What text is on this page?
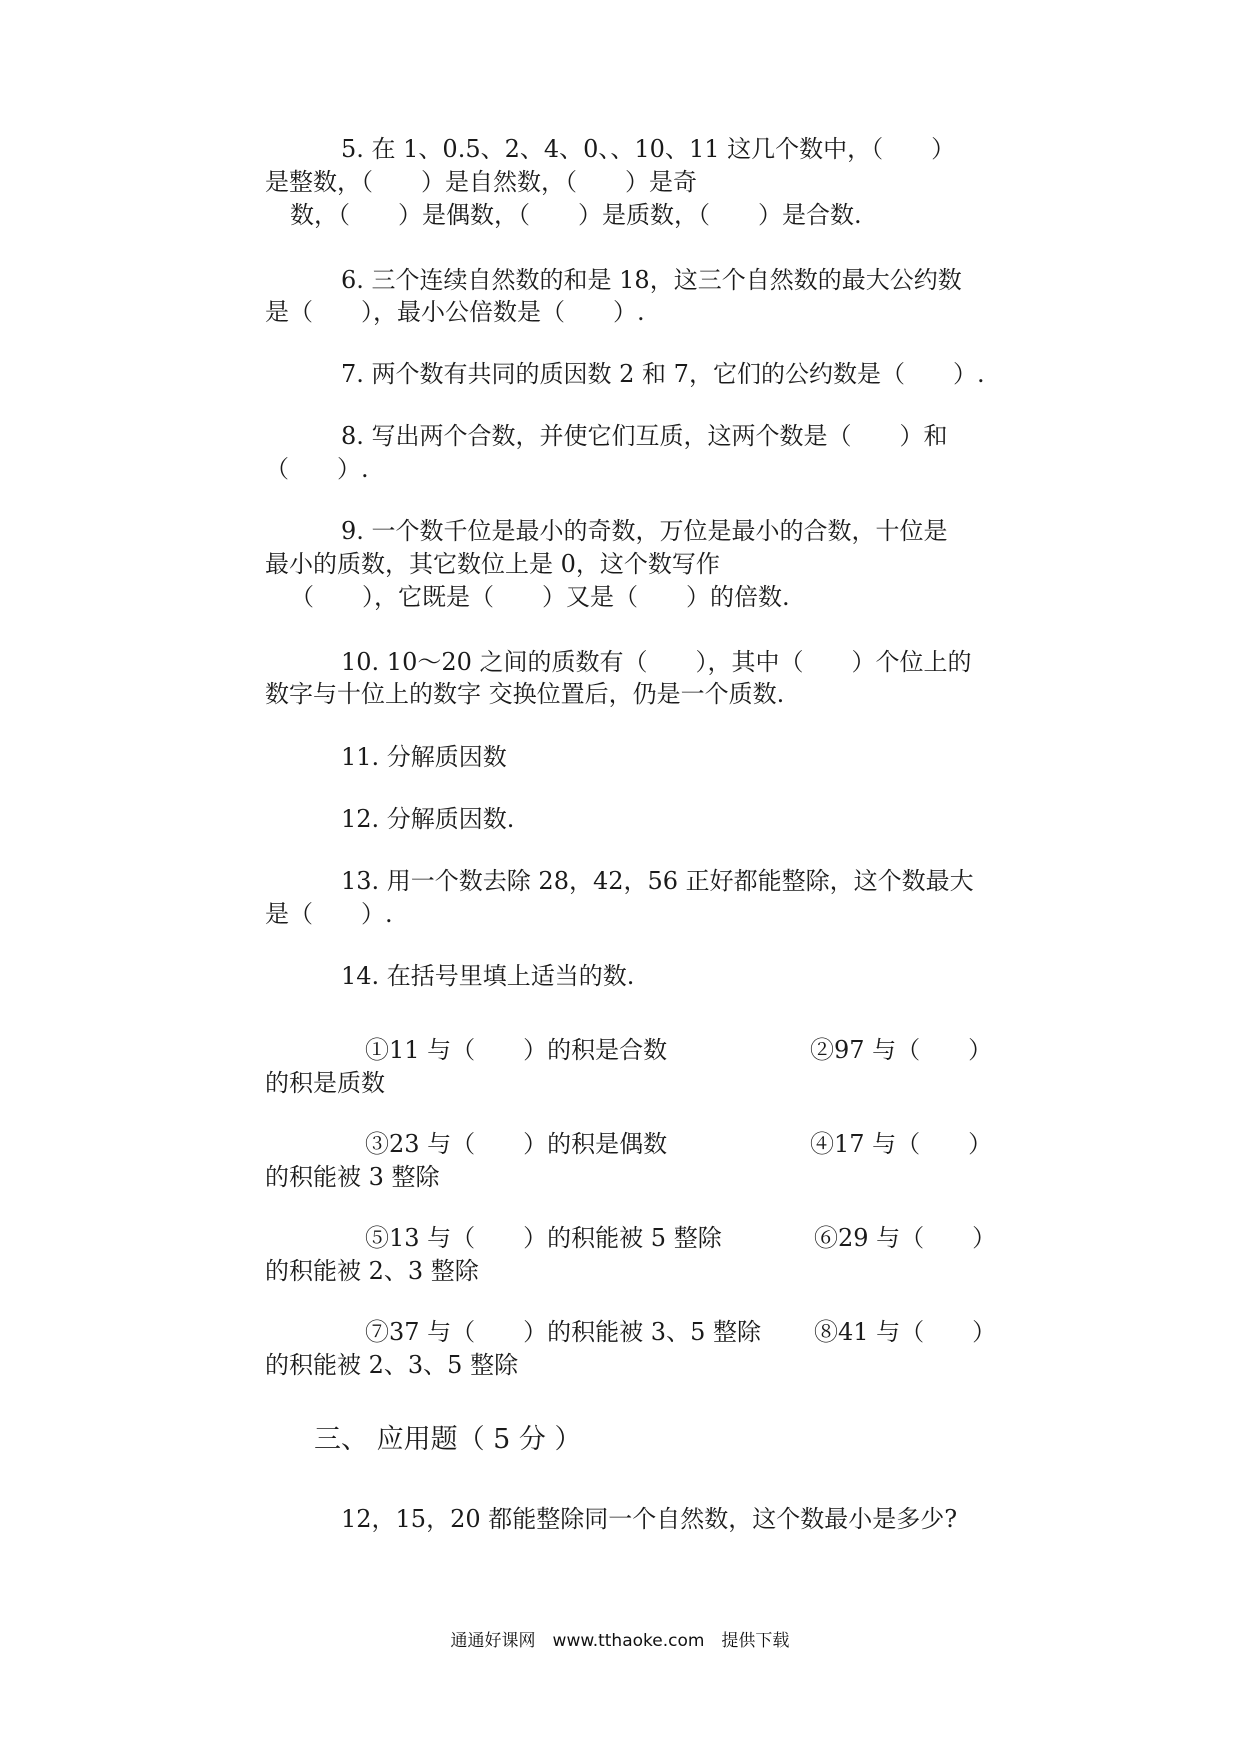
5. 在 1、0.5、2、4、0、、10、11 这几个数中，（　　）

是整数，（　　）是自然数，（　　）是奇

数，（　　）是偶数，（　　）是质数，（　　）是合数.

6. 三个连续自然数的和是 18，这三个自然数的最大公约数

是（　　），最小公倍数是（　　）.

7. 两个数有共同的质因数 2 和 7，它们的公约数是（　　）.

8. 写出两个合数，并使它们互质，这两个数是（　　）和

（　　）.

9. 一个数千位是最小的奇数，万位是最小的合数，十位是

最小的质数，其它数位上是 0，这个数写作

（　　），它既是（　　）又是（　　）的倍数.

10. 10～20 之间的质数有（　　），其中（　　）个位上的

数字与十位上的数字 交换位置后，仍是一个质数.

11. 分解质因数

12. 分解质因数.

13. 用一个数去除 28，42，56 正好都能整除，这个数最大

是（　　）.

14. 在括号里填上适当的数.

①11 与（　　）的积是合数	②97 与（　　）

的积是质数

③23 与（　　）的积是偶数	④17 与（　　）

的积能被 3 整除

⑤13 与（　　）的积能被 5 整除	⑥29 与（　　）

的积能被 2、3 整除

⑦37 与（　　）的积能被 3、5 整除 ⑧41 与（　　）

的积能被 2、3、5 整除

三、 应用题（ 5 分 ）

12，15，20 都能整除同一个自然数，这个数最小是多少?

通通好课网　www.tthaoke.com　提供下载
